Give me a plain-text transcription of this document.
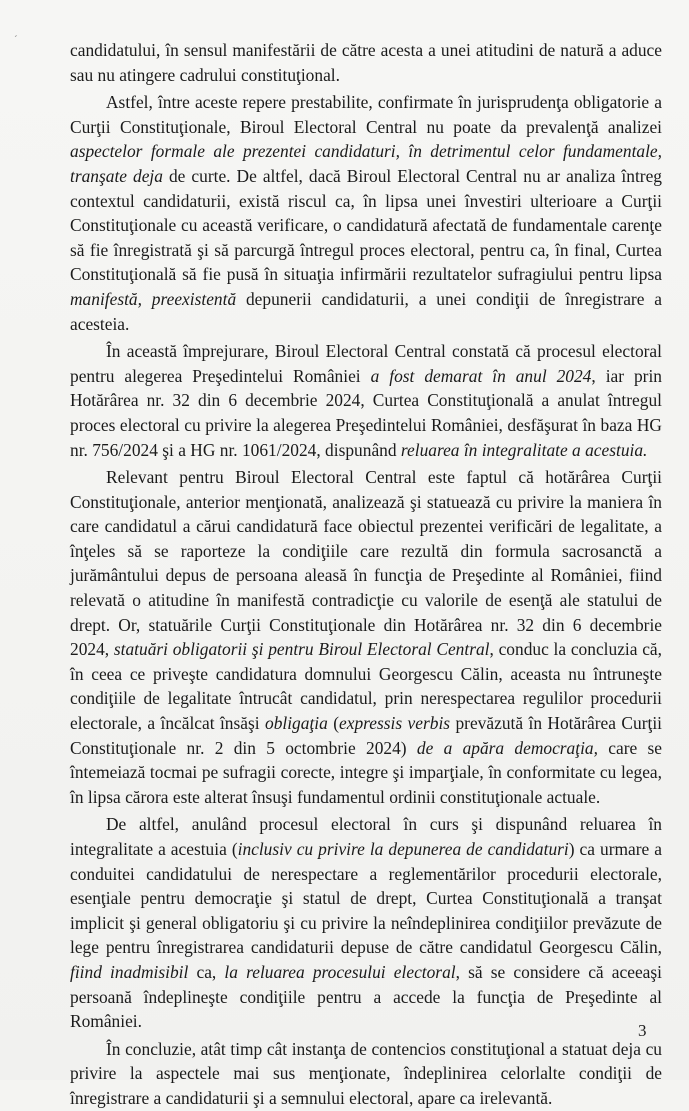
´	candidatului, în sensul manifestării de către acesta a unei atitudini de natură a aduce sau nu atingere cadrului constituţional.

Astfel, între aceste repere prestabilite, confirmate în jurisprudenţa obligatorie a Curţii Constituţionale, Biroul Electoral Central nu poate da prevalenţă analizei aspectelor formale ale prezentei candidaturi, în detrimentul celor fundamentale, tranşate deja de curte. De altfel, dacă Biroul Electoral Central nu ar analiza întreg contextul candidaturii, există riscul ca, în lipsa unei învestiri ulterioare a Curţii Constituţionale cu această verificare, o candidatură afectată de fundamentale carenţe să fie înregistrată şi să parcurgă întregul proces electoral, pentru ca, în final, Curtea Constituţională să fie pusă în situaţia infirmării rezultatelor sufragiului pentru lipsa manifestă, preexistentă depunerii candidaturii, a unei condiţii de înregistrare a acesteia.

În această împrejurare, Biroul Electoral Central constată că procesul electoral pentru alegerea Preşedintelui României a fost demarat în anul 2024, iar prin Hotărârea nr. 32 din 6 decembrie 2024, Curtea Constituţională a anulat întregul proces electoral cu privire la alegerea Preşedintelui României, desfăşurat în baza HG nr. 756/2024 şi a HG nr. 1061/2024, dispunând reluarea în integralitate a acestuia.

Relevant pentru Biroul Electoral Central este faptul că hotărârea Curţii Constituţionale, anterior menţionată, analizează şi statuează cu privire la maniera în care candidatul a cărui candidatură face obiectul prezentei verificări de legalitate, a înţeles să se raporteze la condiţiile care rezultă din formula sacrosanctă a jurământului depus de persoana aleasă în funcţia de Preşedinte al României, fiind relevată o atitudine în manifestă contradicţie cu valorile de esenţă ale statului de drept. Or, statuările Curţii Constituţionale din Hotărârea nr. 32 din 6 decembrie 2024, statuări obligatorii şi pentru Biroul Electoral Central, conduc la concluzia că, în ceea ce priveşte candidatura domnului Georgescu Călin, aceasta nu întruneşte condiţiile de legalitate întrucât candidatul, prin nerespectarea regulilor procedurii electorale, a încălcat însăşi obligaţia (expressis verbis prevăzută în Hotărârea Curţii Constituţionale nr. 2 din 5 octombrie 2024) de a apăra democraţia, care se întemeiază tocmai pe sufragii corecte, integre şi imparţiale, în conformitate cu legea, în lipsa cărora este alterat însuşi fundamentul ordinii constituţionale actuale.

De altfel, anulând procesul electoral în curs şi dispunând reluarea în integralitate a acestuia (inclusiv cu privire la depunerea de candidaturi) ca urmare a conduitei candidatului de nerespectare a reglementărilor procedurii electorale, esenţiale pentru democraţie şi statul de drept, Curtea Constituţională a tranşat implicit şi general obligatoriu şi cu privire la neîndeplinirea condiţiilor prevăzute de lege pentru înregistrarea candidaturii depuse de către candidatul Georgescu Călin, fiind inadmisibil ca, la reluarea procesului electoral, să se considere că aceeaşi persoană îndeplineşte condiţiile pentru a accede la funcţia de Preşedinte al României.

În concluzie, atât timp cât instanţa de contencios constituţional a statuat deja cu privire la aspectele mai sus menţionate, îndeplinirea celorlalte condiţii de înregistrare a candidaturii şi a semnului electoral, apare ca irelevantă.

3
